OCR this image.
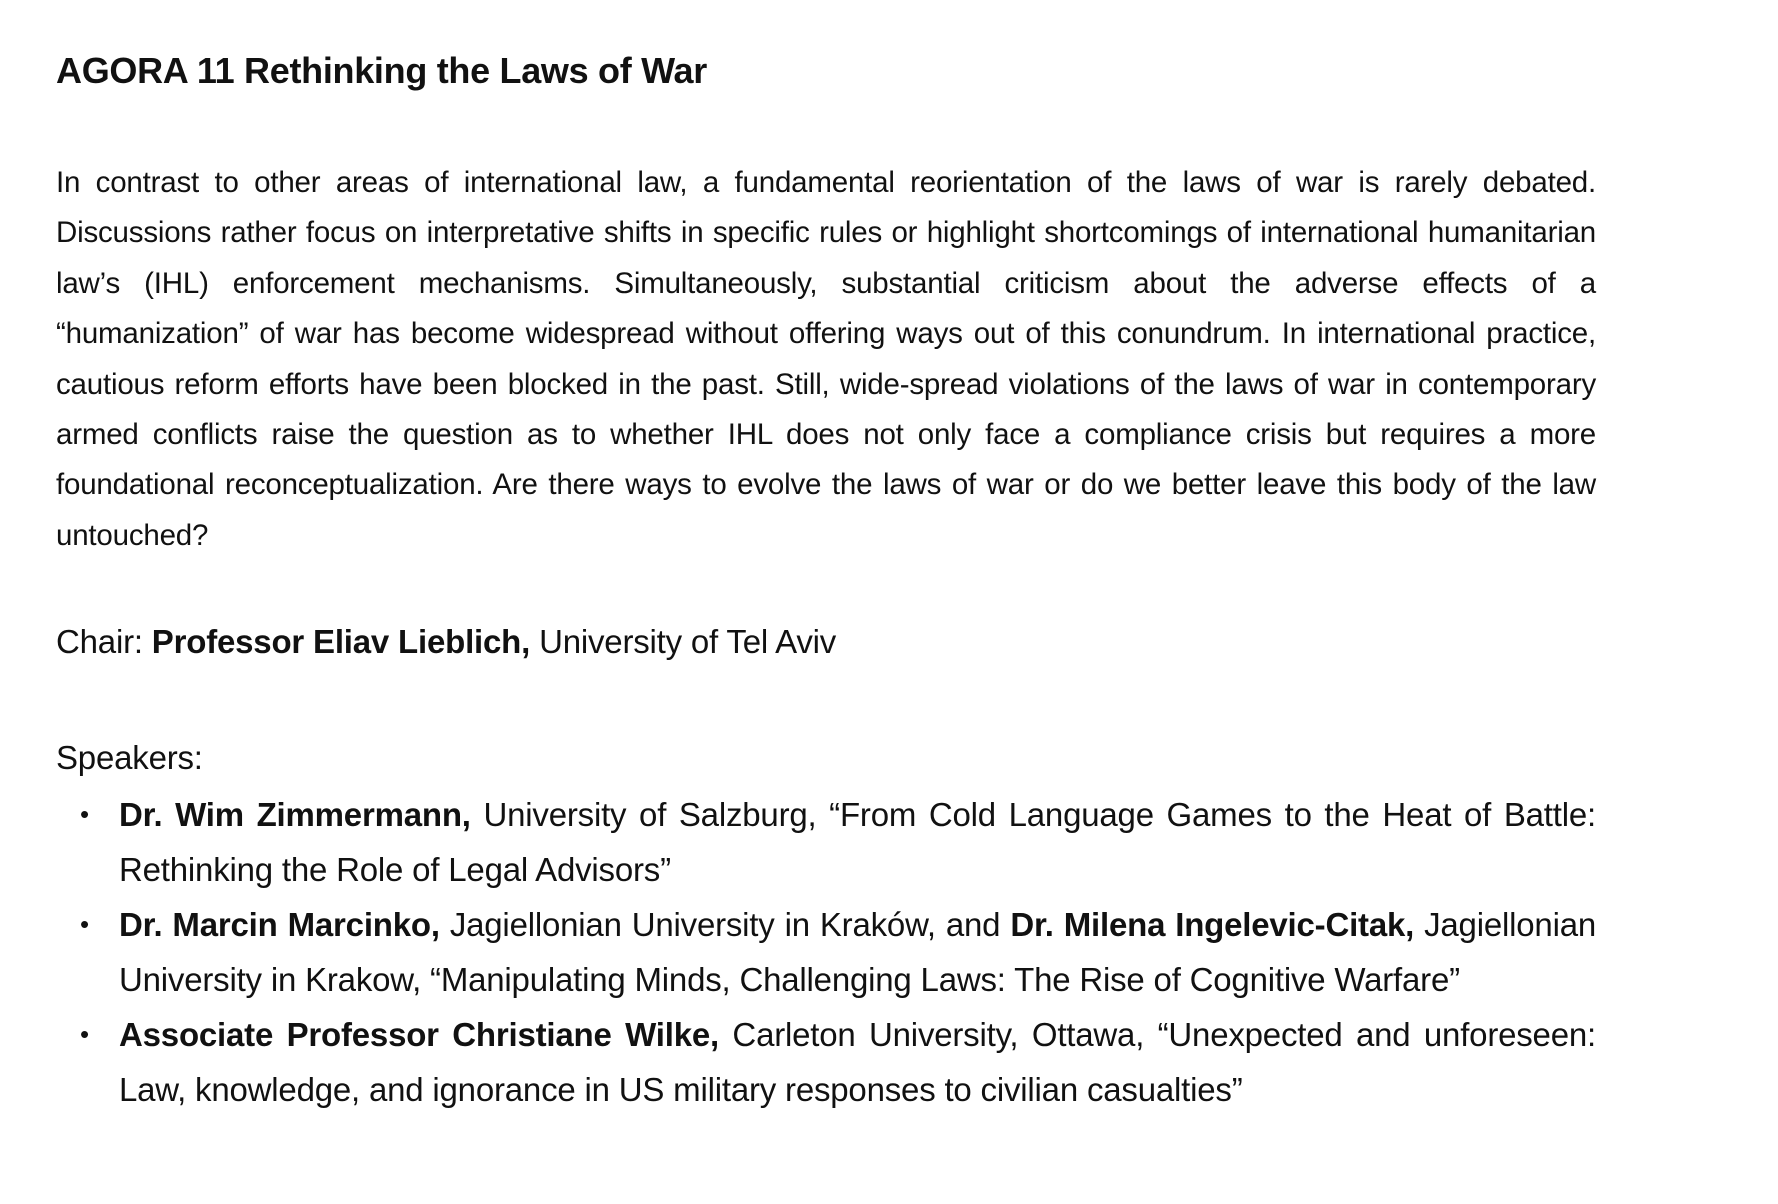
AGORA 11 Rethinking the Laws of War

In contrast to other areas of international law, a fundamental reorientation of the laws of war is rarely debated. Discussions rather focus on interpretative shifts in specific rules or highlight shortcomings of international humanitarian law’s (IHL) enforcement mechanisms. Simultaneously, substantial criticism about the adverse effects of a “humanization” of war has become widespread without offering ways out of this conundrum. In international practice, cautious reform efforts have been blocked in the past. Still, wide-spread violations of the laws of war in contemporary armed conflicts raise the question as to whether IHL does not only face a compliance crisis but requires a more foundational reconceptualization. Are there ways to evolve the laws of war or do we better leave this body of the law untouched?

Chair: Professor Eliav Lieblich, University of Tel Aviv

Speakers:

• Dr. Wim Zimmermann, University of Salzburg, “From Cold Language Games to the Heat of Battle: Rethinking the Role of Legal Advisors”
• Dr. Marcin Marcinko, Jagiellonian University in Kraków, and Dr. Milena Ingelevic-Citak, Jagiellonian University in Krakow, “Manipulating Minds, Challenging Laws: The Rise of Cognitive Warfare”
• Associate Professor Christiane Wilke, Carleton University, Ottawa, “Unexpected and unforeseen: Law, knowledge, and ignorance in US military responses to civilian casualties”
